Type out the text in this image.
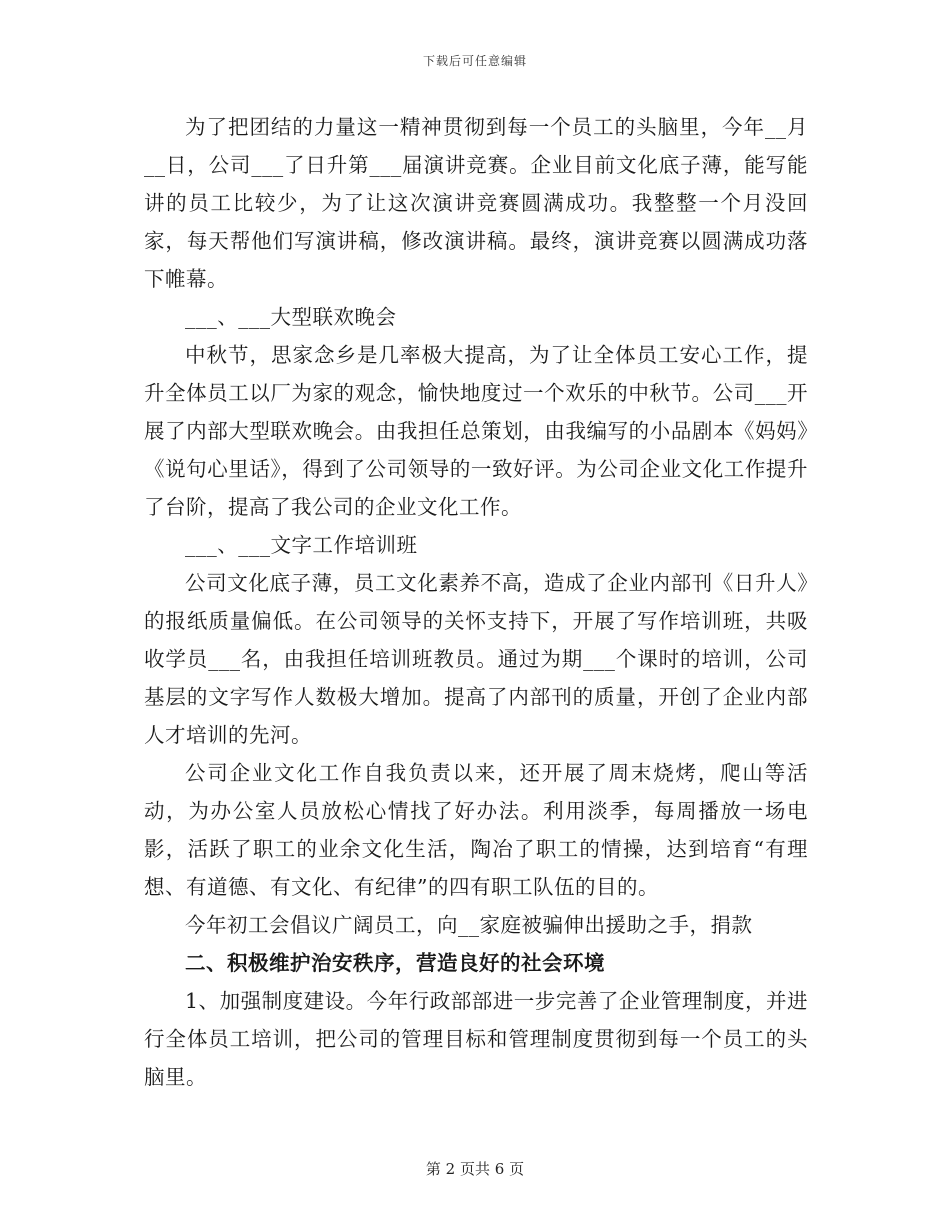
下载后可任意编辑

为了把团结的力量这一精神贯彻到每一个员工的头脑里，今年__月__日，公司___了日升第___届演讲竞赛。企业目前文化底子薄，能写能讲的员工比较少，为了让这次演讲竞赛圆满成功。我整整一个月没回家，每天帮他们写演讲稿，修改演讲稿。最终，演讲竞赛以圆满成功落下帷幕。

___、___大型联欢晚会

中秋节，思家念乡是几率极大提高，为了让全体员工安心工作，提升全体员工以厂为家的观念，愉快地度过一个欢乐的中秋节。公司___开展了内部大型联欢晚会。由我担任总策划，由我编写的小品剧本《妈妈》《说句心里话》，得到了公司领导的一致好评。为公司企业文化工作提升了台阶，提高了我公司的企业文化工作。

___、___文字工作培训班

公司文化底子薄，员工文化素养不高，造成了企业内部刊《日升人》的报纸质量偏低。在公司领导的关怀支持下，开展了写作培训班，共吸收学员___名，由我担任培训班教员。通过为期___个课时的培训，公司基层的文字写作人数极大增加。提高了内部刊的质量，开创了企业内部人才培训的先河。

公司企业文化工作自我负责以来，还开展了周末烧烤，爬山等活动，为办公室人员放松心情找了好办法。利用淡季，每周播放一场电影，活跃了职工的业余文化生活，陶冶了职工的情操，达到培育“有理想、有道德、有文化、有纪律”的四有职工队伍的目的。

今年初工会倡议广阔员工，向__家庭被骗伸出援助之手，捐款

二、积极维护治安秩序，营造良好的社会环境

1、加强制度建设。今年行政部部进一步完善了企业管理制度，并进行全体员工培训，把公司的管理目标和管理制度贯彻到每一个员工的头脑里。

第 2 页共 6 页
